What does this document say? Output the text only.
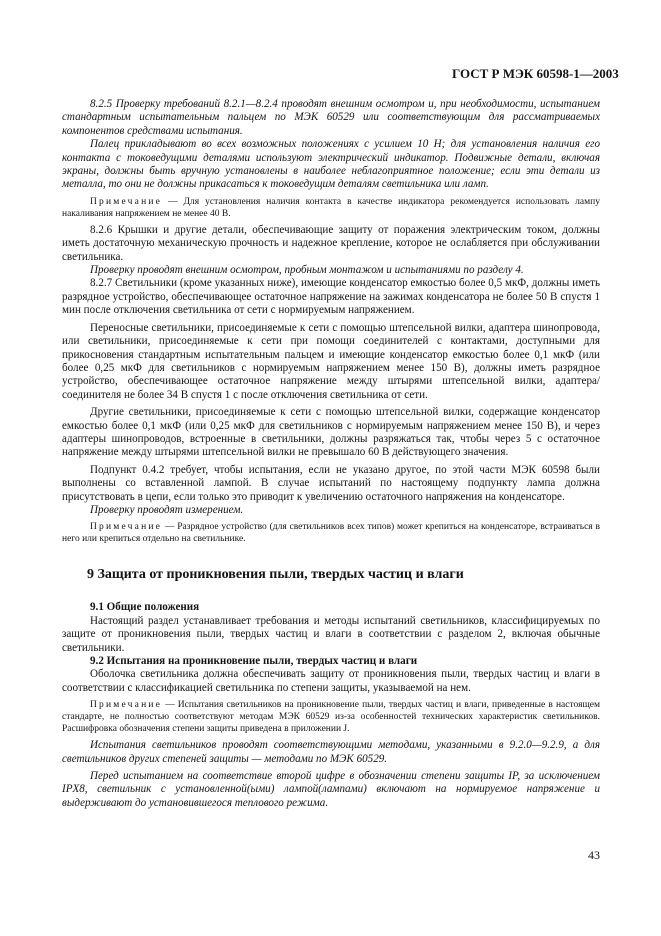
ГОСТ Р МЭК 60598-1—2003

8.2.5 Проверку требований 8.2.1—8.2.4 проводят внешним осмотром и, при необходимости, испытанием стандартным испытательным пальцем по МЭК 60529 или соответствующим для рассматриваемых компонентов средствами испытания.

Палец прикладывают во всех возможных положениях с усилием 10 Н; для установления наличия его контакта с токоведущими деталями используют электрический индикатор. Подвижные детали, включая экраны, должны быть вручную установлены в наиболее неблагоприятное положение; если эти детали из металла, то они не должны прикасаться к токоведущим деталям светильника или ламп.

Примечание — Для установления наличия контакта в качестве индикатора рекомендуется использовать лампу накаливания напряжением не менее 40 В.

8.2.6 Крышки и другие детали, обеспечивающие защиту от поражения электрическим током, должны иметь достаточную механическую прочность и надежное крепление, которое не ослабляется при обслуживании светильника.

Проверку проводят внешним осмотром, пробным монтажом и испытаниями по разделу 4.

8.2.7 Светильники (кроме указанных ниже), имеющие конденсатор емкостью более 0,5 мкФ, должны иметь разрядное устройство, обеспечивающее остаточное напряжение на зажимах конденсатора не более 50 В спустя 1 мин после отключения светильника от сети с нормируемым напряжением.

Переносные светильники, присоединяемые к сети с помощью штепсельной вилки, адаптера шинопровода, или светильники, присоединяемые к сети при помощи соединителей с контактами, доступными для прикосновения стандартным испытательным пальцем и имеющие конденсатор емкостью более 0,1 мкФ (или более 0,25 мкФ для светильников с нормируемым напряжением менее 150 В), должны иметь разрядное устройство, обеспечивающее остаточное напряжение между штырями штепсельной вилки, адаптера/соединителя не более 34 В спустя 1 с после отключения светильника от сети.

Другие светильники, присоединяемые к сети с помощью штепсельной вилки, содержащие конденсатор емкостью более 0,1 мкФ (или 0,25 мкФ для светильников с нормируемым напряжением менее 150 В), и через адаптеры шинопроводов, встроенные в светильники, должны разряжаться так, чтобы через 5 с остаточное напряжение между штырями штепсельной вилки не превышало 60 В действующего значения.

Подпункт 0.4.2 требует, чтобы испытания, если не указано другое, по этой части МЭК 60598 были выполнены со вставленной лампой. В случае испытаний по настоящему подпункту лампа должна присутствовать в цепи, если только это приводит к увеличению остаточного напряжения на конденсаторе.

Проверку проводят измерением.

Примечание — Разрядное устройство (для светильников всех типов) может крепиться на конденсаторе, встраиваться в него или крепиться отдельно на светильнике.

9 Защита от проникновения пыли, твердых частиц и влаги

9.1 Общие положения

Настоящий раздел устанавливает требования и методы испытаний светильников, классифицируемых по защите от проникновения пыли, твердых частиц и влаги в соответствии с разделом 2, включая обычные светильники.

9.2 Испытания на проникновение пыли, твердых частиц и влаги

Оболочка светильника должна обеспечивать защиту от проникновения пыли, твердых частиц и влаги в соответствии с классификацией светильника по степени защиты, указываемой на нем.

Примечание — Испытания светильников на проникновение пыли, твердых частиц и влаги, приведенные в настоящем стандарте, не полностью соответствуют методам МЭК 60529 из-за особенностей технических характеристик светильников. Расшифровка обозначения степени защиты приведена в приложении J.

Испытания светильников проводят соответствующими методами, указанными в 9.2.0—9.2.9, а для светильников других степеней защиты — методами по МЭК 60529.

Перед испытанием на соответствие второй цифре в обозначении степени защиты IP, за исключением IPX8, светильник с установленной(ыми) лампой(лампами) включают на нормируемое напряжение и выдерживают до установившегося теплового режима.

43
